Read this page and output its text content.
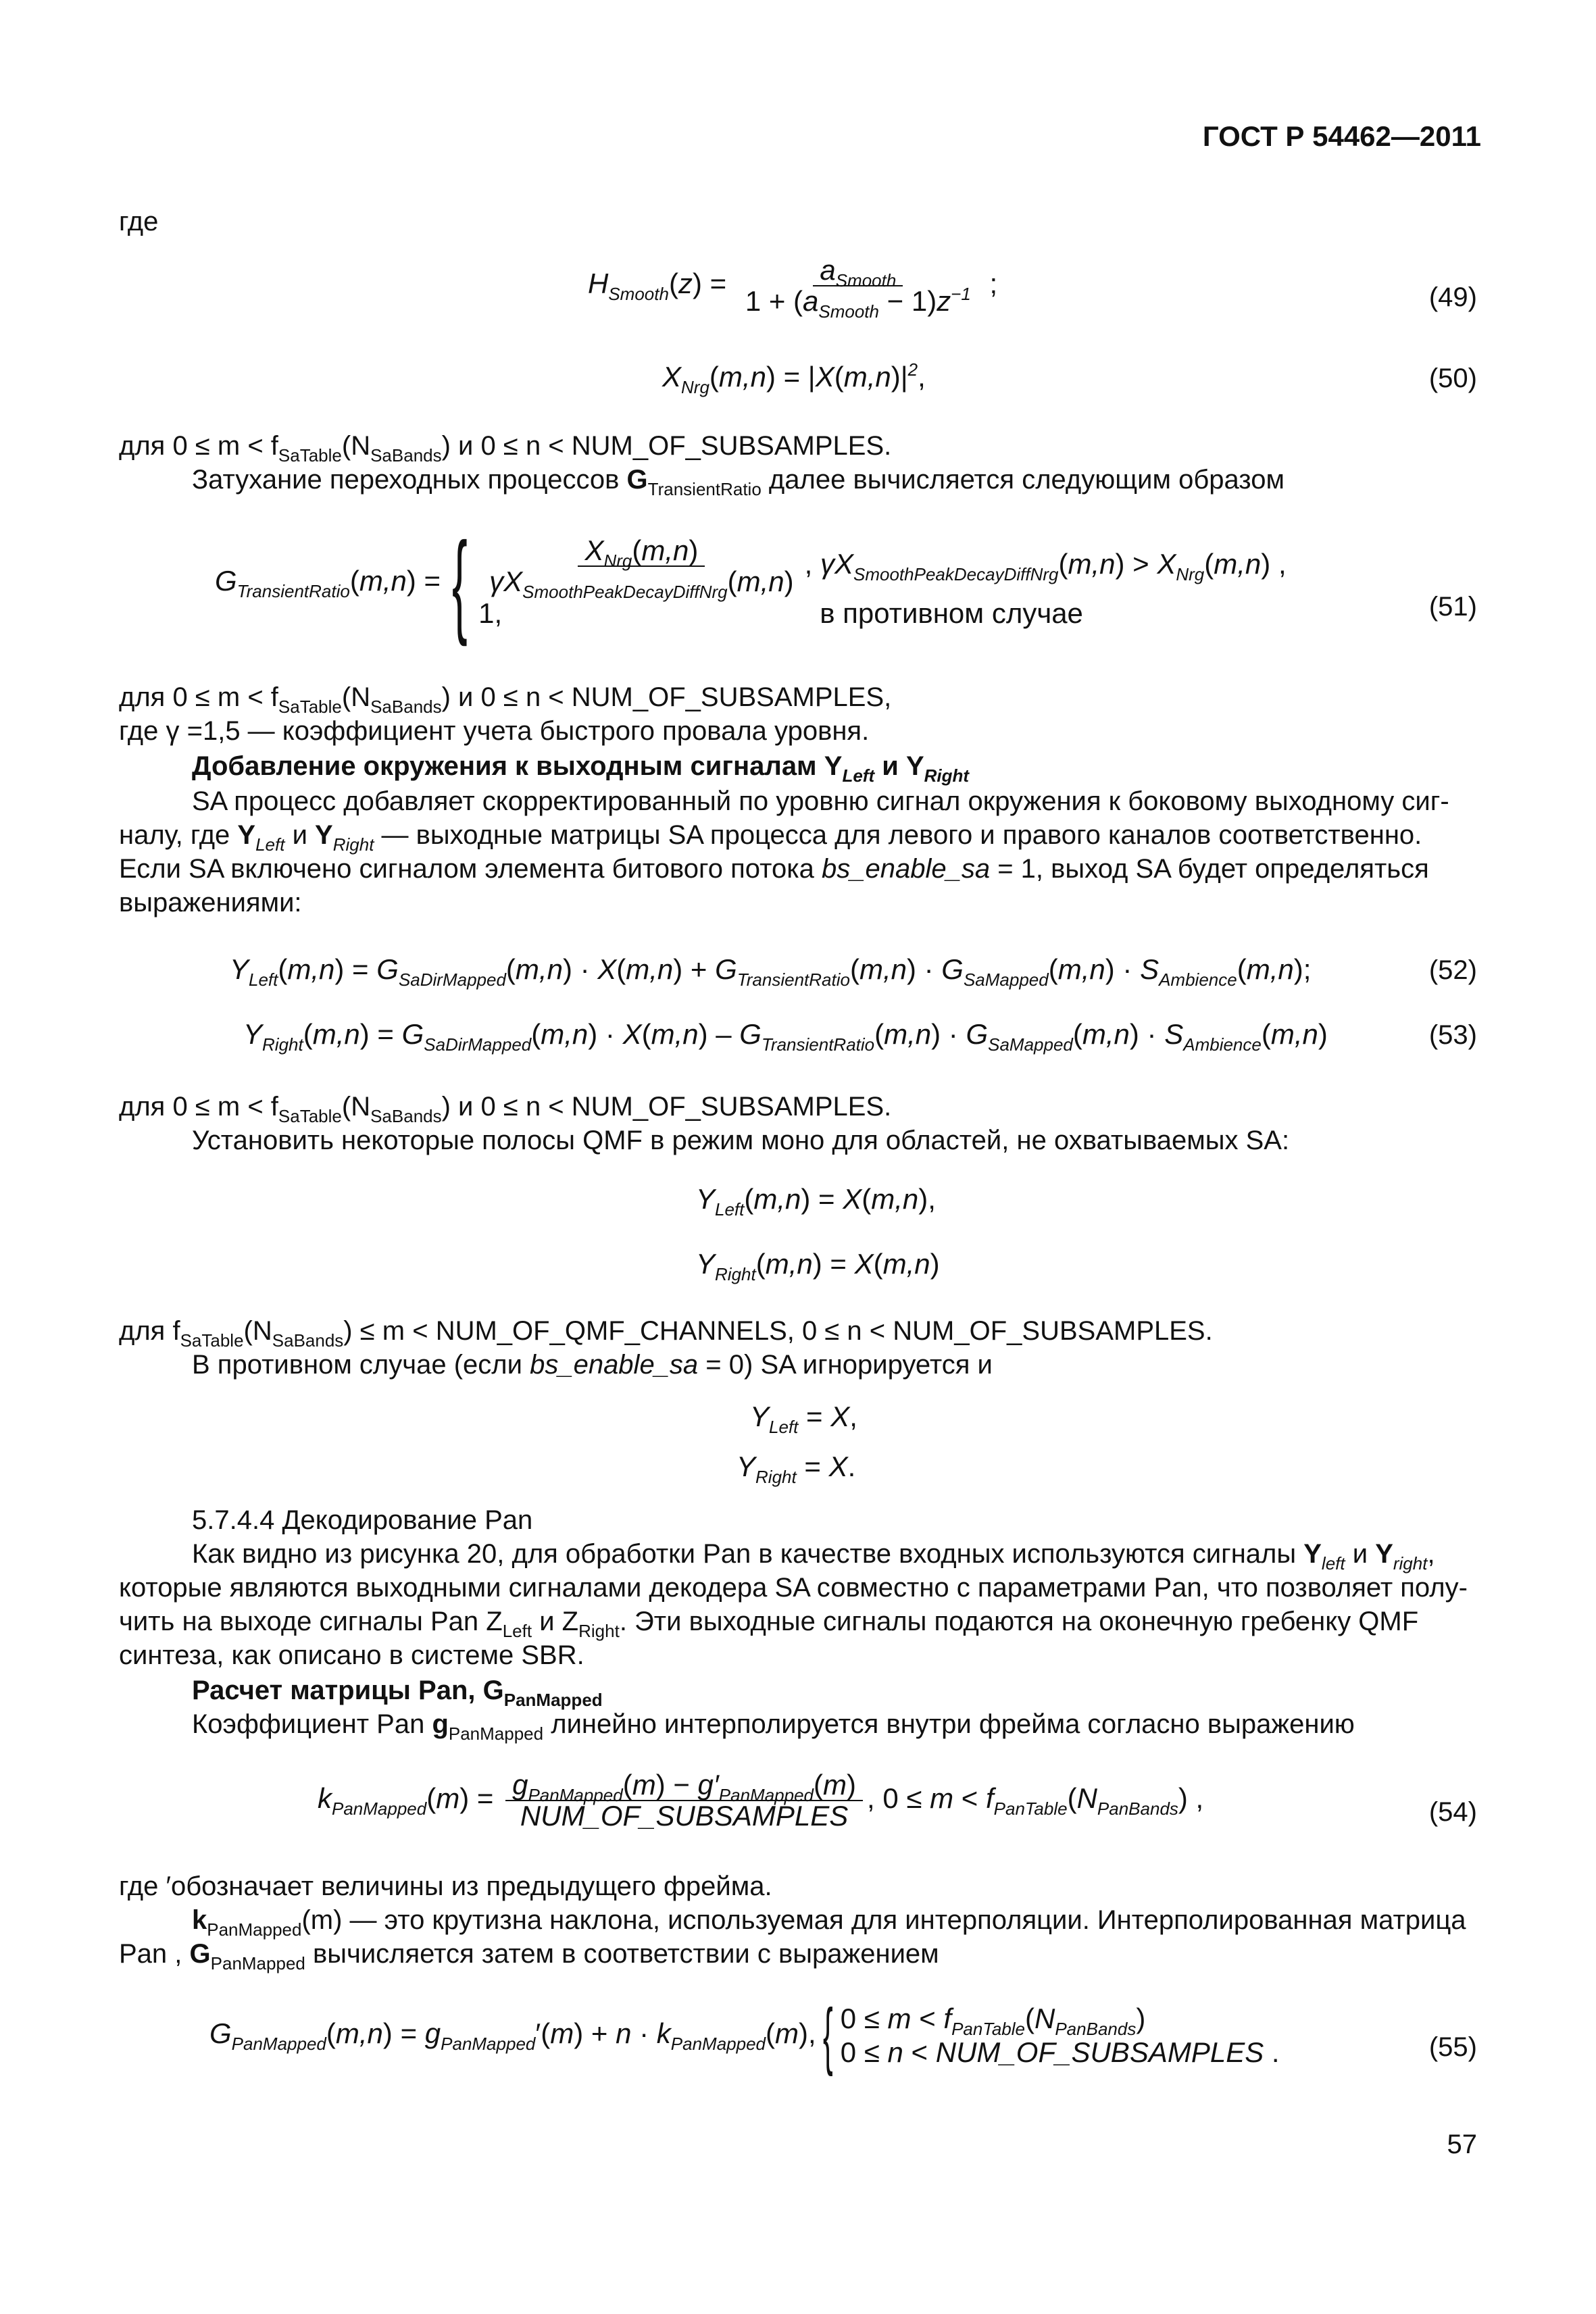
ГОСТ Р 54462—2011
где
$H_{Smooth}(z) = \frac{a_{Smooth}}{1 + (a_{Smooth} - 1)z^{-1}}$ ;	(49)
$X_{Nrg}(m,n) = |X(m,n)|^2$,	(50)
для $0 \le m < f_{SaTable}(N_{SaBands})$ и 0 ≤ n < NUM_OF_SUBSAMPLES.
Затухание переходных процессов $G_{TransientRatio}$ далее вычисляется следующим образом
$G_{TransientRatio}(m,n)$ = { $\frac{X_{Nrg}(m,n)}{\gamma X_{SmoothPeakDecayDiffNrg}(m,n)}$ , $\gamma X_{SmoothPeakDecayDiffNrg}(m,n) > X_{Nrg}(m,n)$ ,
1,	в противном случае	(51)
для $0 \le m < f_{SaTable}(N_{SaBands})$ и 0 ≤ n < NUM_OF_SUBSAMPLES,
где γ =1,5 — коэффициент учета быстрого провала уровня.
Добавление окружения к выходным сигналам $Y_{Left}$ и $Y_{Right}$
SA процесс добавляет скорректированный по уровню сигнал окружения к боковому выходному сиг-
налу, где $Y_{Left}$ и $Y_{Right}$ — выходные матрицы SA процесса для левого и правого каналов соответственно.
Если SA включено сигналом элемента битового потока bs_enable_sa = 1, выход SA будет определяться
выражениями:
$Y_{Left}(m,n) = G_{SaDirMapped}(m,n) \cdot X(m,n) + G_{TransientRatio}(m,n) \cdot G_{SaMapped}(m,n) \cdot S_{Ambience}(m,n)$;	(52)
$Y_{Right}(m,n) = G_{SaDirMapped}(m,n) \cdot X(m,n) - G_{TransientRatio}(m,n) \cdot G_{SaMapped}(m,n) \cdot S_{Ambience}(m,n)$	(53)
для $0 \le m < f_{SaTable}(N_{SaBands})$ и 0 ≤ n < NUM_OF_SUBSAMPLES.
Установить некоторые полосы QMF в режим моно для областей, не охватываемых SA:
$Y_{Left}(m,n) = X(m,n)$,
$Y_{Right}(m,n) = X(m,n)$
для $f_{SaTable}(N_{SaBands}) \le m$ < NUM_OF_QMF_CHANNELS, 0 ≤ n < NUM_OF_SUBSAMPLES.
В противном случае (если bs_enable_sa = 0) SA игнорируется и
$Y_{Left} = X$,
$Y_{Right} = X$.
5.7.4.4 Декодирование Pan
Как видно из рисунка 20, для обработки Pan в качестве входных используются сигналы $Y_{left}$ и $Y_{right}$,
которые являются выходными сигналами декодера SA совместно с параметрами Pan, что позволяет полу-
чить на выходе сигналы Pan $Z_{Left}$ и $Z_{Right}$. Эти выходные сигналы подаются на оконечную гребенку QMF
синтеза, как описано в системе SBR.
Расчет матрицы Pan, $G_{PanMapped}$
Коэффициент Pan $g_{PanMapped}$ линейно интерполируется внутри фрейма согласно выражению
$k_{PanMapped}(m) = \frac{g_{PanMapped}(m) - g'_{PanMapped}(m)}{\text{NUM\_OF\_SUBSAMPLES}}$ , $0 \le m < f_{PanTable}(N_{PanBands})$ ,	(54)
где ′обозначает величины из предыдущего фрейма.
$k_{PanMapped}(m)$ — это крутизна наклона, используемая для интерполяции. Интерполированная матрица
Pan , $G_{PanMapped}$ вычисляется затем в соответствии с выражением
$G_{PanMapped}(m,n) = g_{PanMapped}'(m) + n \cdot k_{PanMapped}(m)$, { $0 \le m < f_{PanTable}(N_{PanBands})$
0 ≤ n < NUM_OF_SUBSAMPLES .	(55)
57
